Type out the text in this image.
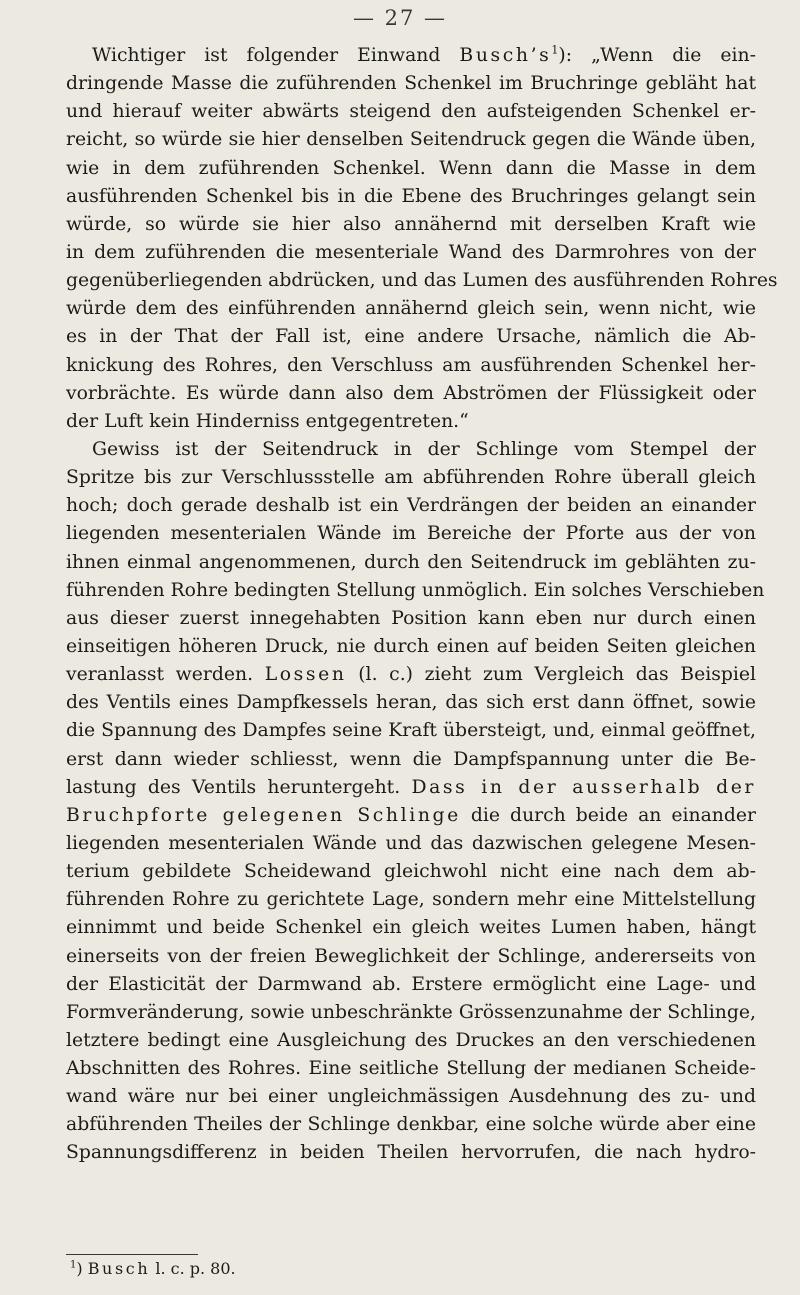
— 27 —
Wichtiger ist folgender Einwand $Busch’s^1$): „Wenn die ein-
dringende Masse die zuführenden Schenkel im Bruchringe gebläht hat
und hierauf weiter abwärts steigend den aufsteigenden Schenkel er-
reicht, so würde sie hier denselben Seitendruck gegen die Wände üben,
wie in dem zuführenden Schenkel. Wenn dann die Masse in dem
ausführenden Schenkel bis in die Ebene des Bruchringes gelangt sein
würde, so würde sie hier also annähernd mit derselben Kraft wie
in dem zuführenden die mesenteriale Wand des Darmrohres von der
gegenüberliegenden abdrücken, und das Lumen des ausführenden Rohres
würde dem des einführenden annähernd gleich sein, wenn nicht, wie
es in der That der Fall ist, eine andere Ursache, nämlich die Ab-
knickung des Rohres, den Verschluss am ausführenden Schenkel her-
vorbrächte. Es würde dann also dem Abströmen der Flüssigkeit oder
der Luft kein Hinderniss entgegentreten.“
Gewiss ist der Seitendruck in der Schlinge vom Stempel der
Spritze bis zur Verschlussstelle am abführenden Rohre überall gleich
hoch; doch gerade deshalb ist ein Verdrängen der beiden an einander
liegenden mesenterialen Wände im Bereiche der Pforte aus der von
ihnen einmal angenommenen, durch den Seitendruck im geblähten zu-
führenden Rohre bedingten Stellung unmöglich. Ein solches Verschieben
aus dieser zuerst innegehabten Position kann eben nur durch einen
einseitigen höheren Druck, nie durch einen auf beiden Seiten gleichen
veranlasst werden. Lossen (l. c.) zieht zum Vergleich das Beispiel
des Ventils eines Dampfkessels heran, das sich erst dann öffnet, sowie
die Spannung des Dampfes seine Kraft übersteigt, und, einmal geöffnet,
erst dann wieder schliesst, wenn die Dampfspannung unter die Be-
lastung des Ventils heruntergeht. Dass in der ausserhalb der
Bruchpforte gelegenen Schlinge die durch beide an einander
liegenden mesenterialen Wände und das dazwischen gelegene Mesen-
terium gebildete Scheidewand gleichwohl nicht eine nach dem ab-
führenden Rohre zu gerichtete Lage, sondern mehr eine Mittelstellung
einnimmt und beide Schenkel ein gleich weites Lumen haben, hängt
einerseits von der freien Beweglichkeit der Schlinge, andererseits von
der Elasticität der Darmwand ab. Erstere ermöglicht eine Lage- und
Formveränderung, sowie unbeschränkte Grössenzunahme der Schlinge,
letztere bedingt eine Ausgleichung des Druckes an den verschiedenen
Abschnitten des Rohres. Eine seitliche Stellung der medianen Scheide-
wand wäre nur bei einer ungleichmässigen Ausdehnung des zu- und
abführenden Theiles der Schlinge denkbar, eine solche würde aber eine
Spannungsdifferenz in beiden Theilen hervorrufen, die nach hydro-
$^1$) Busch l. c. p. 80.
